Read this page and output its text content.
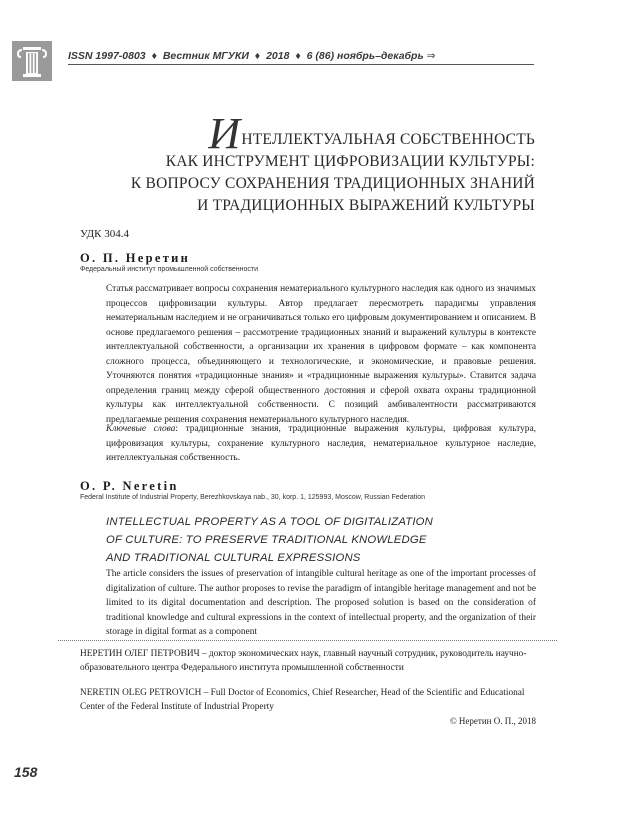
ISSN 1997-0803 ♦ Вестник МГУКИ ♦ 2018 ♦ 6 (86) ноябрь–декабрь ⇒
ИНТЕЛЛЕКТУАЛЬНАЯ СОБСТВЕННОСТЬ
КАК ИНСТРУМЕНТ ЦИФРОВИЗАЦИИ КУЛЬТУРЫ:
К ВОПРОСУ СОХРАНЕНИЯ ТРАДИЦИОННЫХ ЗНАНИЙ
И ТРАДИЦИОННЫХ ВЫРАЖЕНИЙ КУЛЬТУРЫ
УДК 304.4
О. П. Неретин
Федеральный институт промышленной собственности
Статья рассматривает вопросы сохранения нематериального культурного наследия как одного из значимых процессов цифровизации культуры. Автор предлагает пересмотреть парадигмы управления нематериальным наследием и не ограничиваться только его цифровым документированием и описанием. В основе предлагаемого решения – рассмотрение традиционных знаний и выражений культуры в контексте интеллектуальной собственности, а организации их хранения в цифровом формате – как компонента сложного процесса, объединяющего и технологические, и экономические, и правовые решения. Уточняются понятия «традиционные знания» и «традиционные выражения культуры». Ставится задача определения границ между сферой общественного достояния и сферой охвата охраны традиционной культуры как интеллектуальной собственности. С позиций амбивалентности рассматриваются предлагаемые решения сохранения нематериального культурного наследия.
Ключевые слова: традиционные знания, традиционные выражения культуры, цифровая культура, цифровизация культуры, сохранение культурного наследия, нематериальное культурное наследие, интеллектуальная собственность.
O. P. Neretin
Federal Institute of Industrial Property, Berezhkovskaya nab., 30, korp. 1, 125993, Moscow, Russian Federation
INTELLECTUAL PROPERTY AS A TOOL OF DIGITALIZATION
OF CULTURE: TO PRESERVE TRADITIONAL KNOWLEDGE
AND TRADITIONAL CULTURAL EXPRESSIONS
The article considers the issues of preservation of intangible cultural heritage as one of the important processes of digitalization of culture. The author proposes to revise the paradigm of intangible heritage management and not be limited to its digital documentation and description. The proposed solution is based on the consideration of traditional knowledge and cultural expressions in the context of intellectual property, and the organization of their storage in digital format as a component
НЕРЕТИН ОЛЕГ ПЕТРОВИЧ – доктор экономических наук, главный научный сотрудник, руководитель научно-образовательного центра Федерального института промышленной собственности
NERETIN OLEG PETROVICH – Full Doctor of Economics, Chief Researcher, Head of the Scientific and Educational Center of the Federal Institute of Industrial Property
© Неретин О. П., 2018
158
